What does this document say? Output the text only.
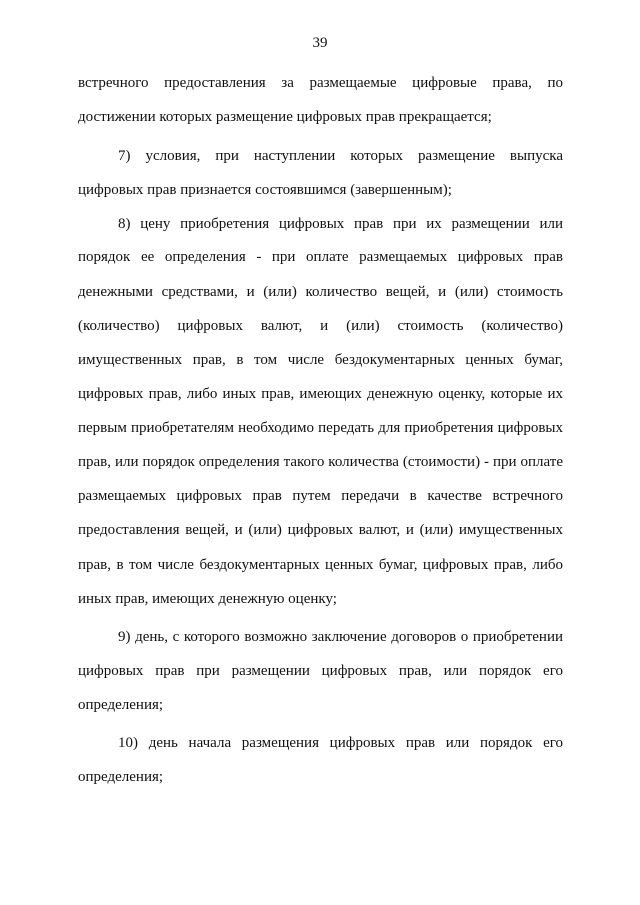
39
встречного предоставления за размещаемые цифровые права, по
достижении которых размещение цифровых прав прекращается;
7) условия, при наступлении которых размещение выпуска
цифровых прав признается состоявшимся (завершенным);
8) цену приобретения цифровых прав при их размещении или
порядок ее определения - при оплате размещаемых цифровых прав
денежными средствами, и (или) количество вещей, и (или) стоимость
(количество) цифровых валют, и (или) стоимость (количество)
имущественных прав, в том числе бездокументарных ценных бумаг,
цифровых прав, либо иных прав, имеющих денежную оценку, которые их
первым приобретателям необходимо передать для приобретения цифровых
прав, или порядок определения такого количества (стоимости) - при оплате
размещаемых цифровых прав путем передачи в качестве встречного
предоставления вещей, и (или) цифровых валют, и (или) имущественных
прав, в том числе бездокументарных ценных бумаг, цифровых прав, либо
иных прав, имеющих денежную оценку;
9) день, с которого возможно заключение договоров о приобретении
цифровых прав при размещении цифровых прав, или порядок его
определения;
10) день начала размещения цифровых прав или порядок его
определения;
